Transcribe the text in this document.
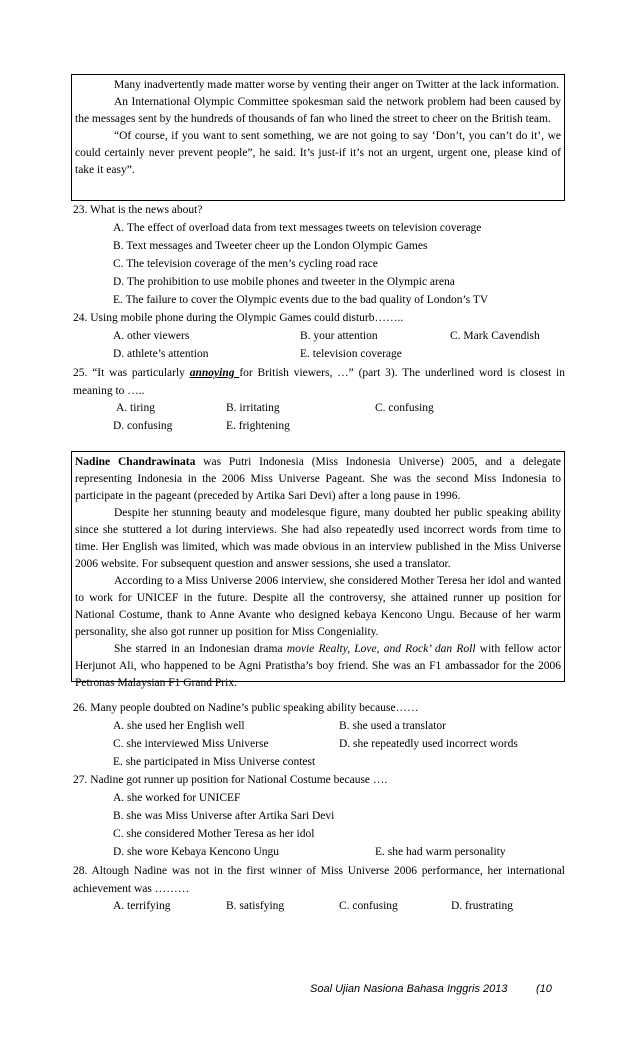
Many inadvertently made matter worse by venting their anger on Twitter at the lack information.

An International Olympic Committee spokesman said the network problem had been caused by the messages sent by the hundreds of thousands of fan who lined the street to cheer on the British team.

“Of course, if you want to sent something, we are not going to say ‘Don’t, you can’t do it’, we could certainly never prevent people”, he said. It’s just-if it’s not an urgent, urgent one, please kind of take it easy”.

23. What is the news about?
A. The effect of overload data from text messages tweets on television coverage
B. Text messages and Tweeter cheer up the London Olympic Games
C. The television coverage of the men’s cycling road race
D. The prohibition to use mobile phones and tweeter in the Olympic arena
E. The failure to cover the Olympic events due to the bad quality of London’s TV
24. Using mobile phone during the Olympic Games could disturb……..
A. other viewers	B. your attention	C. Mark Cavendish
D. athlete’s attention	E. television coverage
25. “It was particularly annoying for British viewers, …” (part 3). The underlined word is closest in meaning to …..
A. tiring	B. irritating	C. confusing
D. confusing	E. frightening

Nadine Chandrawinata was Putri Indonesia (Miss Indonesia Universe) 2005, and a delegate representing Indonesia in the 2006 Miss Universe Pageant. She was the second Miss Indonesia to participate in the pageant (preceded by Artika Sari Devi) after a long pause in 1996.

Despite her stunning beauty and modelesque figure, many doubted her public speaking ability since she stuttered a lot during interviews. She had also repeatedly used incorrect words from time to time. Her English was limited, which was made obvious in an interview published in the Miss Universe 2006 website. For subsequent question and answer sessions, she used a translator.

According to a Miss Universe 2006 interview, she considered Mother Teresa her idol and wanted to work for UNICEF in the future. Despite all the controversy, she attained runner up position for National Costume, thank to Anne Avante who designed kebaya Kencono Ungu. Because of her warm personality, she also got runner up position for Miss Congeniality.

She starred in an Indonesian drama movie Realty, Love, and Rock’ dan Roll with fellow actor Herjunot Ali, who happened to be Agni Pratistha’s boy friend. She was an F1 ambassador for the 2006 Petronas Malaysian F1 Grand Prix.

26. Many people doubted on Nadine’s public speaking ability because……
A. she used her English well	B. she used a translator
C. she interviewed Miss Universe	D. she repeatedly used incorrect words
E. she participated in Miss Universe contest
27. Nadine got runner up position for National Costume because ….
A. she worked for UNICEF
B. she was Miss Universe after Artika Sari Devi
C. she considered Mother Teresa as her idol
D. she wore Kebaya Kencono Ungu	E. she had warm personality
28. Altough Nadine was not in the first winner of Miss Universe 2006 performance, her international achievement was ………
A. terrifying	B. satisfying	C. confusing	D. frustrating
Soal Ujian Nasiona Bahasa Inggris 2013	(10
